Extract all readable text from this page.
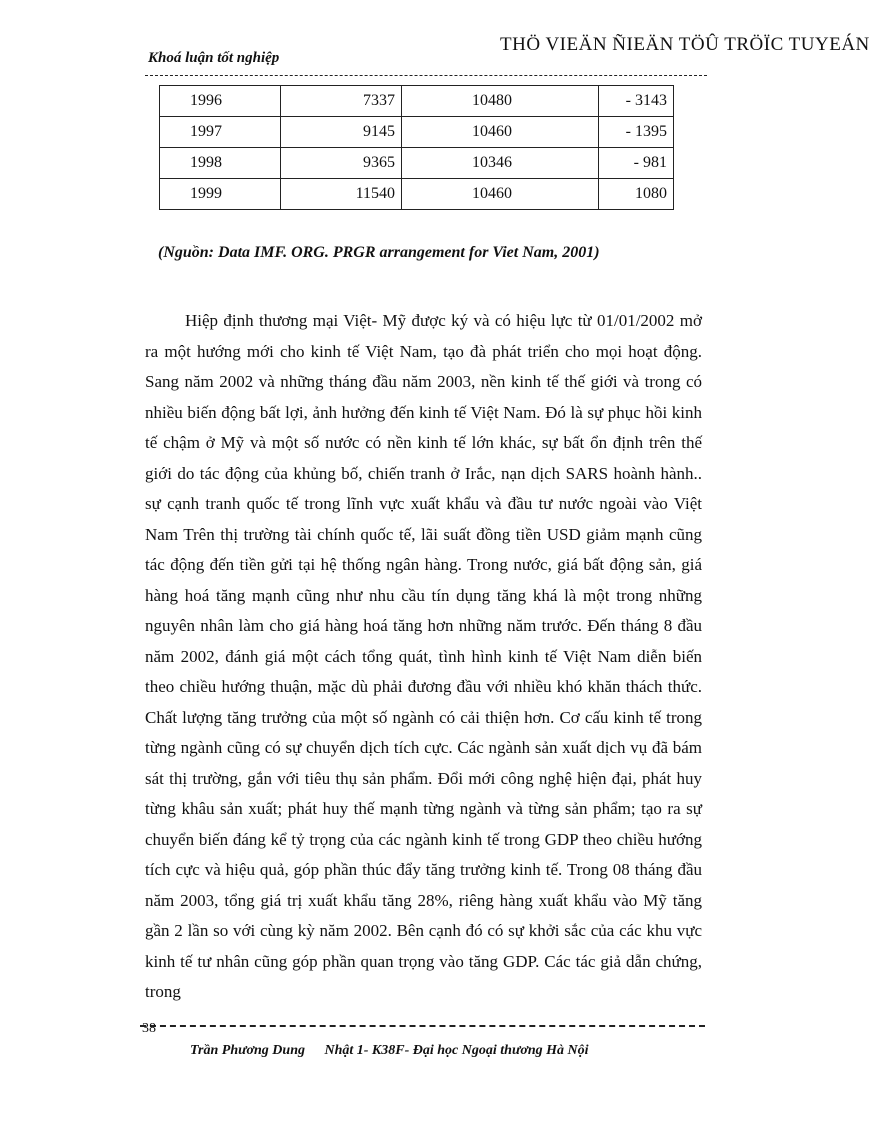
Khoá luận tốt nghiệp
THÖ VIEÄN ÑIEÄN TÖÛ TRÖÏC TUYEÁN
1996	7337	10480	- 3143
1997	9145	10460	- 1395
1998	9365	10346	- 981
1999	11540	10460	1080
(Nguồn: Data IMF. ORG. PRGR arrangement for Viet Nam, 2001)

Hiệp định thương mại Việt- Mỹ được ký và có hiệu lực từ 01/01/2002 mở ra một hướng mới cho kinh tế Việt Nam, tạo đà phát triển cho mọi hoạt động. Sang năm 2002 và những tháng đầu năm 2003, nền kinh tế thế giới và trong có nhiều biến động bất lợi, ảnh hưởng đến kinh tế Việt Nam. Đó là sự phục hồi kinh tế chậm ở Mỹ và một số nước có nền kinh tế lớn khác, sự bất ổn định trên thế giới do tác động của khủng bố, chiến tranh ở Irắc, nạn dịch SARS hoành hành.. sự cạnh tranh quốc tế trong lĩnh vực xuất khẩu và đầu tư nước ngoài vào Việt Nam Trên thị trường tài chính quốc tế, lãi suất đồng tiền USD giảm mạnh cũng tác động đến tiền gửi tại hệ thống ngân hàng. Trong nước, giá bất động sản, giá hàng hoá tăng mạnh cũng như nhu cầu tín dụng tăng khá là một trong những nguyên nhân làm cho giá hàng hoá tăng hơn những năm trước. Đến tháng 8 đầu năm 2002, đánh giá một cách tổng quát, tình hình kinh tế Việt Nam diễn biến theo chiều hướng thuận, mặc dù phải đương đầu với nhiều khó khăn thách thức. Chất lượng tăng trưởng của một số ngành có cải thiện hơn. Cơ cấu kinh tế trong từng ngành cũng có sự chuyển dịch tích cực. Các ngành sản xuất dịch vụ đã bám sát thị trường, gắn với tiêu thụ sản phẩm. Đổi mới công nghệ hiện đại, phát huy từng khâu sản xuất; phát huy thế mạnh từng ngành và từng sản phẩm; tạo ra sự chuyển biến đáng kể tỷ trọng của các ngành kinh tế trong GDP theo chiều hướng tích cực và hiệu quả, góp phần thúc đẩy tăng trưởng kinh tế. Trong 08 tháng đầu năm 2003, tổng giá trị xuất khẩu tăng 28%, riêng hàng xuất khẩu vào Mỹ tăng gần 2 lần so với cùng kỳ năm 2002. Bên cạnh đó có sự khởi sắc của các khu vực kinh tế tư nhân cũng góp phần quan trọng vào tăng GDP. Các tác giả dẫn chứng, trong

38
Trần Phương Dung Nhật 1- K38F- Đại học Ngoại thương Hà Nội
